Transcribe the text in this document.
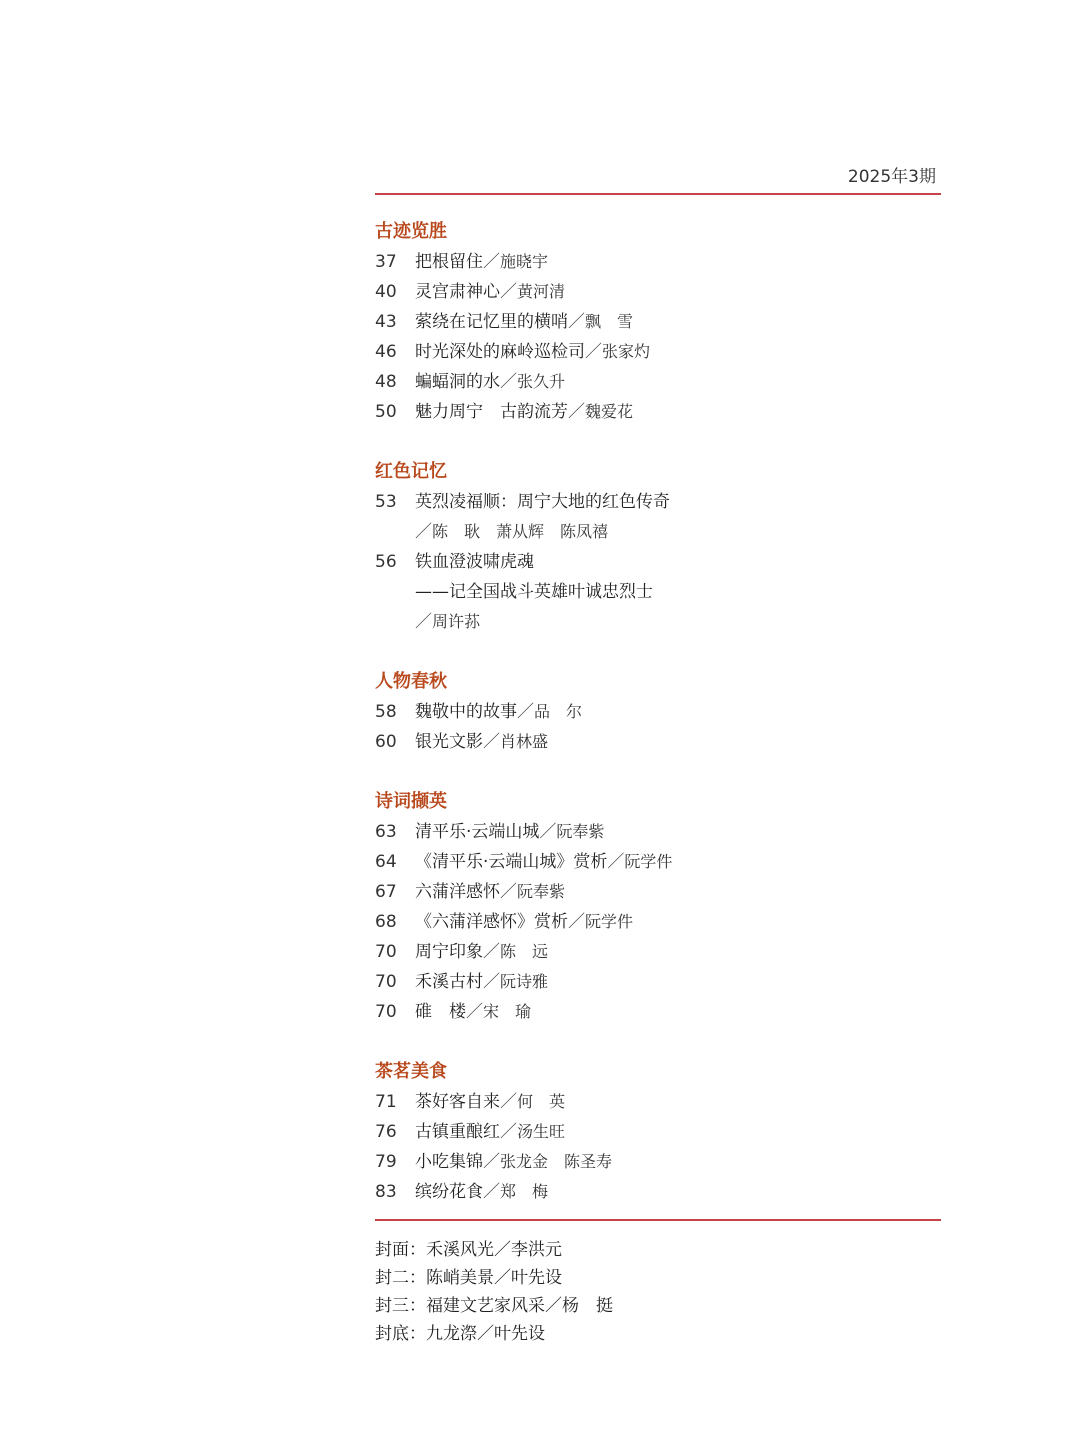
2025年3期
古迹览胜
37	把根留住／施晓宇
40	灵宫肃神心／黄河清
43	萦绕在记忆里的横哨／飘　雪
46	时光深处的麻岭巡检司／张家灼
48	蝙蝠洞的水／张久升
50	魅力周宁　古韵流芳／魏爱花
红色记忆
53	英烈凌福顺：周宁大地的红色传奇
／陈　耿　萧从辉　陈凤禧
56	铁血澄波啸虎魂
——记全国战斗英雄叶诚忠烈士
／周许荪
人物春秋
58	魏敬中的故事／品　尔
60	银光文影／肖林盛
诗词撷英
63	清平乐·云端山城／阮奉紫
64	《清平乐·云端山城》赏析／阮学件
67	六蒲洋感怀／阮奉紫
68	《六蒲洋感怀》赏析／阮学件
70	周宁印象／陈　远
70	禾溪古村／阮诗雅
70	碓　楼／宋　瑜
茶茗美食
71	茶好客自来／何　英
76	古镇重酿红／汤生旺
79	小吃集锦／张龙金　陈圣寿
83	缤纷花食／郑　梅
封面：禾溪风光／李洪元
封二：陈峭美景／叶先设
封三：福建文艺家风采／杨　挺
封底：九龙漈／叶先设
